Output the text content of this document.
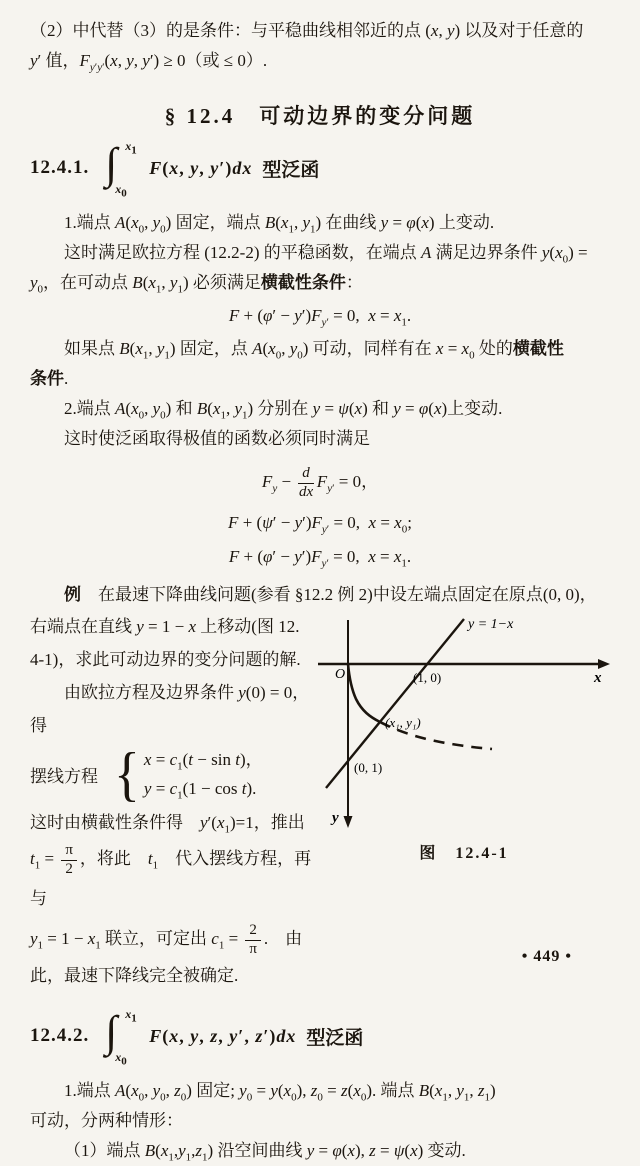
（2）中代替（3）的是条件：与平稳曲线相邻近的点 (x, y) 以及对于任意的
y′ 值，$F_{y'y'}(x$, y, y′) ≥ 0（或 ≤ 0）.
§ 12.4　可动边界的变分问题
12.4.1. ∫ $x_1$
$x_0$
F(x, y, y′)dx 型泛函
1.端点 $A(x_0$, $y_0$) 固定，端点 $B(x_1$, $y_1$) 在曲线 y = φ(x) 上变动.
这时满足欧拉方程 (12.2-2) 的平稳函数，在端点 A 满足边界条件 $y(x_0)$ =
$y_0$，在可动点 $B(x_1$, $y_1$) 必须满足横截性条件：
$F + (\varphi' - y')F_{y'} = 0$,  $x = x_1$.
如果点 $B(x_1$, $y_1$) 固定，点 $A(x_0$, $y_0$) 可动，同样有在 $x = x_0$ 处的横截性
条件.
2.端点 $A(x_0$, $y_0$) 和 $B(x_1$, $y_1$) 分别在 y = ψ(x) 和 y = φ(x)上变动.
这时使泛函取得极值的函数必须同时满足
$F_y - \frac{d}{dx} F_{y'} = 0$，
$F + (\psi' - y')F_{y'} = 0$,  $x = x_0$;
$F + (\varphi' - y')F_{y'} = 0$,  $x = x_1$.
例　在最速下降曲线问题(参看 §12.2 例 2)中设左端点固定在原点(0, 0)，
右端点在直线 y = 1 − x 上移动(图 12.
4-1)，求此可动边界的变分问题的解.
由欧拉方程及边界条件 y(0) = 0，得
摆线方程 { $x = c_1(t - \sin t)$，
$y = c_1(1 - \cos t)$.
这时由横截性条件得　$y'(x_1)=1$，推出
$t_1 = \frac{\pi}{2}$ ，将此　$t_1$　代入摆线方程，再与
$y_1 = 1 - x_1$ 联立，可定出 $c_1 = \frac{2}{\pi}$ .　由
此，最速下降线完全被确定.
O	x
y
y = 1−x
(1, 0)
(x₁, y₁)
(0, 1)
图　12.4-1
12.4.2. ∫ $x_1$
$x_0$
F(x, y, z, y′, z′)dx 型泛函
1.端点 $A(x_0$, $y_0$, $z_0$) 固定; $y_0 = y(x_0)$, $z_0 = z(x_0)$. 端点 $B(x_1$, $y_1$, $z_1$)
可动，分两种情形：
（1）端点 $B(x_1,y_1,z_1)$ 沿空间曲线 y = φ(x), z = ψ(x) 变动.
• 449 •
